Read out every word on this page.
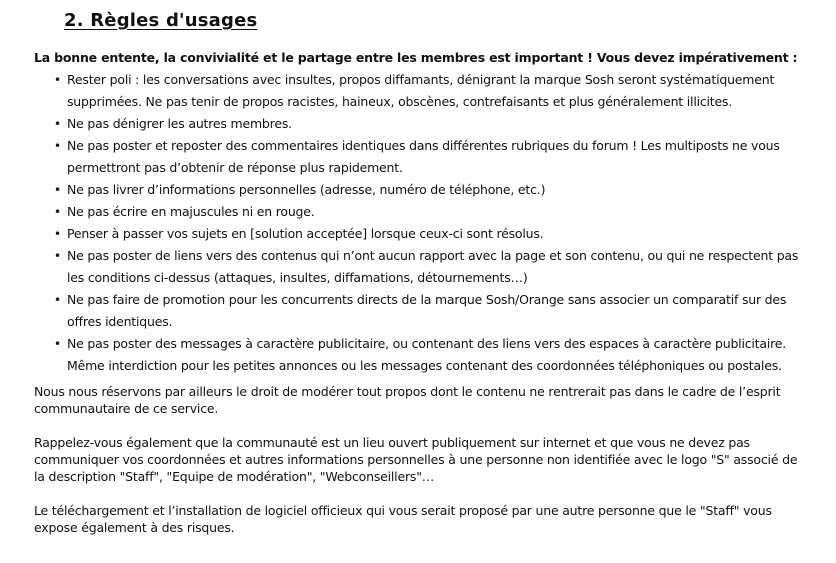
2. Règles d'usages

La bonne entente, la convivialité et le partage entre les membres est important ! Vous devez impérativement :

• Rester poli : les conversations avec insultes, propos diffamants, dénigrant la marque Sosh seront systématiquement supprimées. Ne pas tenir de propos racistes, haineux, obscènes, contrefaisants et plus généralement illicites.
• Ne pas dénigrer les autres membres.
• Ne pas poster et reposter des commentaires identiques dans différentes rubriques du forum ! Les multiposts ne vous permettront pas d’obtenir de réponse plus rapidement.
• Ne pas livrer d’informations personnelles (adresse, numéro de téléphone, etc.)
• Ne pas écrire en majuscules ni en rouge.
• Penser à passer vos sujets en [solution acceptée] lorsque ceux-ci sont résolus.
• Ne pas poster de liens vers des contenus qui n’ont aucun rapport avec la page et son contenu, ou qui ne respectent pas les conditions ci-dessus (attaques, insultes, diffamations, détournements…)
• Ne pas faire de promotion pour les concurrents directs de la marque Sosh/Orange sans associer un comparatif sur des offres identiques.
• Ne pas poster des messages à caractère publicitaire, ou contenant des liens vers des espaces à caractère publicitaire. Même interdiction pour les petites annonces ou les messages contenant des coordonnées téléphoniques ou postales.

Nous nous réservons par ailleurs le droit de modérer tout propos dont le contenu ne rentrerait pas dans le cadre de l’esprit communautaire de ce service.

Rappelez-vous également que la communauté est un lieu ouvert publiquement sur internet et que vous ne devez pas communiquer vos coordonnées et autres informations personnelles à une personne non identifiée avec le logo "S" associé de la description "Staff", "Equipe de modération", "Webconseillers"…

Le téléchargement et l’installation de logiciel officieux qui vous serait proposé par une autre personne que le "Staff" vous expose également à des risques.
